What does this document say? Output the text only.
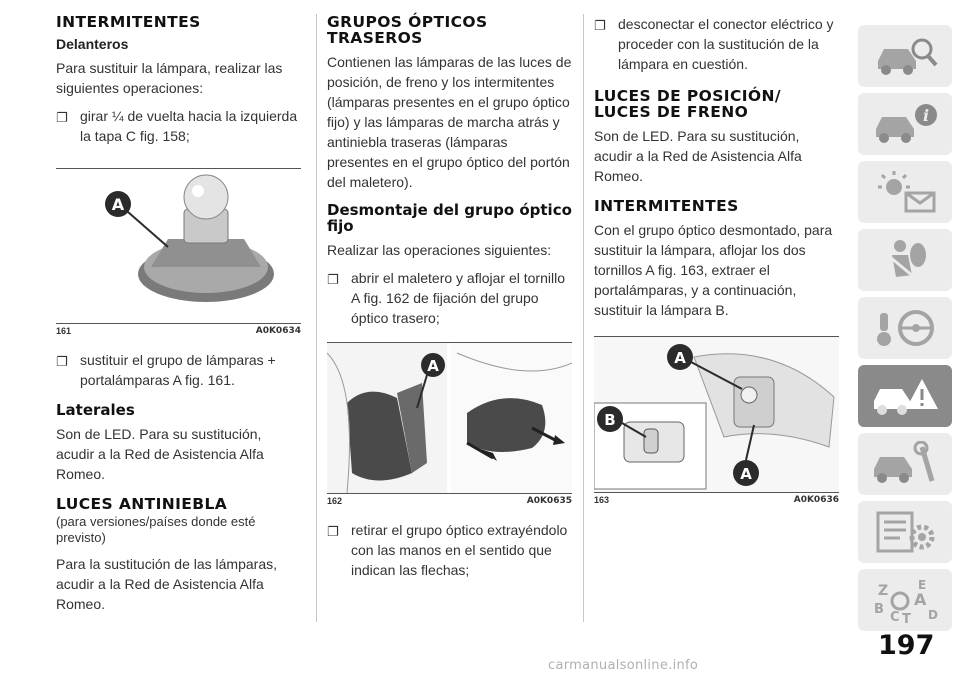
INTERMITENTES
Delanteros

Para sustituir la lámpara, realizar las siguientes operaciones:

❐ girar ¼ de vuelta hacia la izquierda la tapa C fig. 158;
A
161	A0K0634
❐ sustituir el grupo de lámparas + portalámparas A fig. 161.
Laterales

Son de LED. Para su sustitución, acudir a la Red de Asistencia Alfa Romeo.

LUCES ANTINIEBLA

(para versiones/países donde esté previsto)

Para la sustitución de las lámparas, acudir a la Red de Asistencia Alfa Romeo.

GRUPOS ÓPTICOS TRASEROS

Contienen las lámparas de las luces de posición, de freno y los intermitentes (lámparas presentes en el grupo óptico fijo) y las lámparas de marcha atrás y antiniebla traseras (lámparas presentes en el grupo óptico del portón del maletero).

Desmontaje del grupo óptico fijo

Realizar las operaciones siguientes:

❐ abrir el maletero y aflojar el tornillo A fig. 162 de fijación del grupo óptico trasero;
A
162	A0K0635
❐ retirar el grupo óptico extrayéndolo con las manos en el sentido que indican las flechas;
❐ desconectar el conector eléctrico y proceder con la sustitución de la lámpara en cuestión.
LUCES DE POSICIÓN/ LUCES DE FRENO

Son de LED. Para su sustitución, acudir a la Red de Asistencia Alfa Romeo.

INTERMITENTES

Con el grupo óptico desmontado, para sustituir la lámpara, aflojar los dos tornillos A fig. 163, extraer el portalámparas, y a continuación, sustituir la lámpara B.

A
B
A
163	A0K0636
i
Z E
A
B
C T D
197
carmanualsonline.info
